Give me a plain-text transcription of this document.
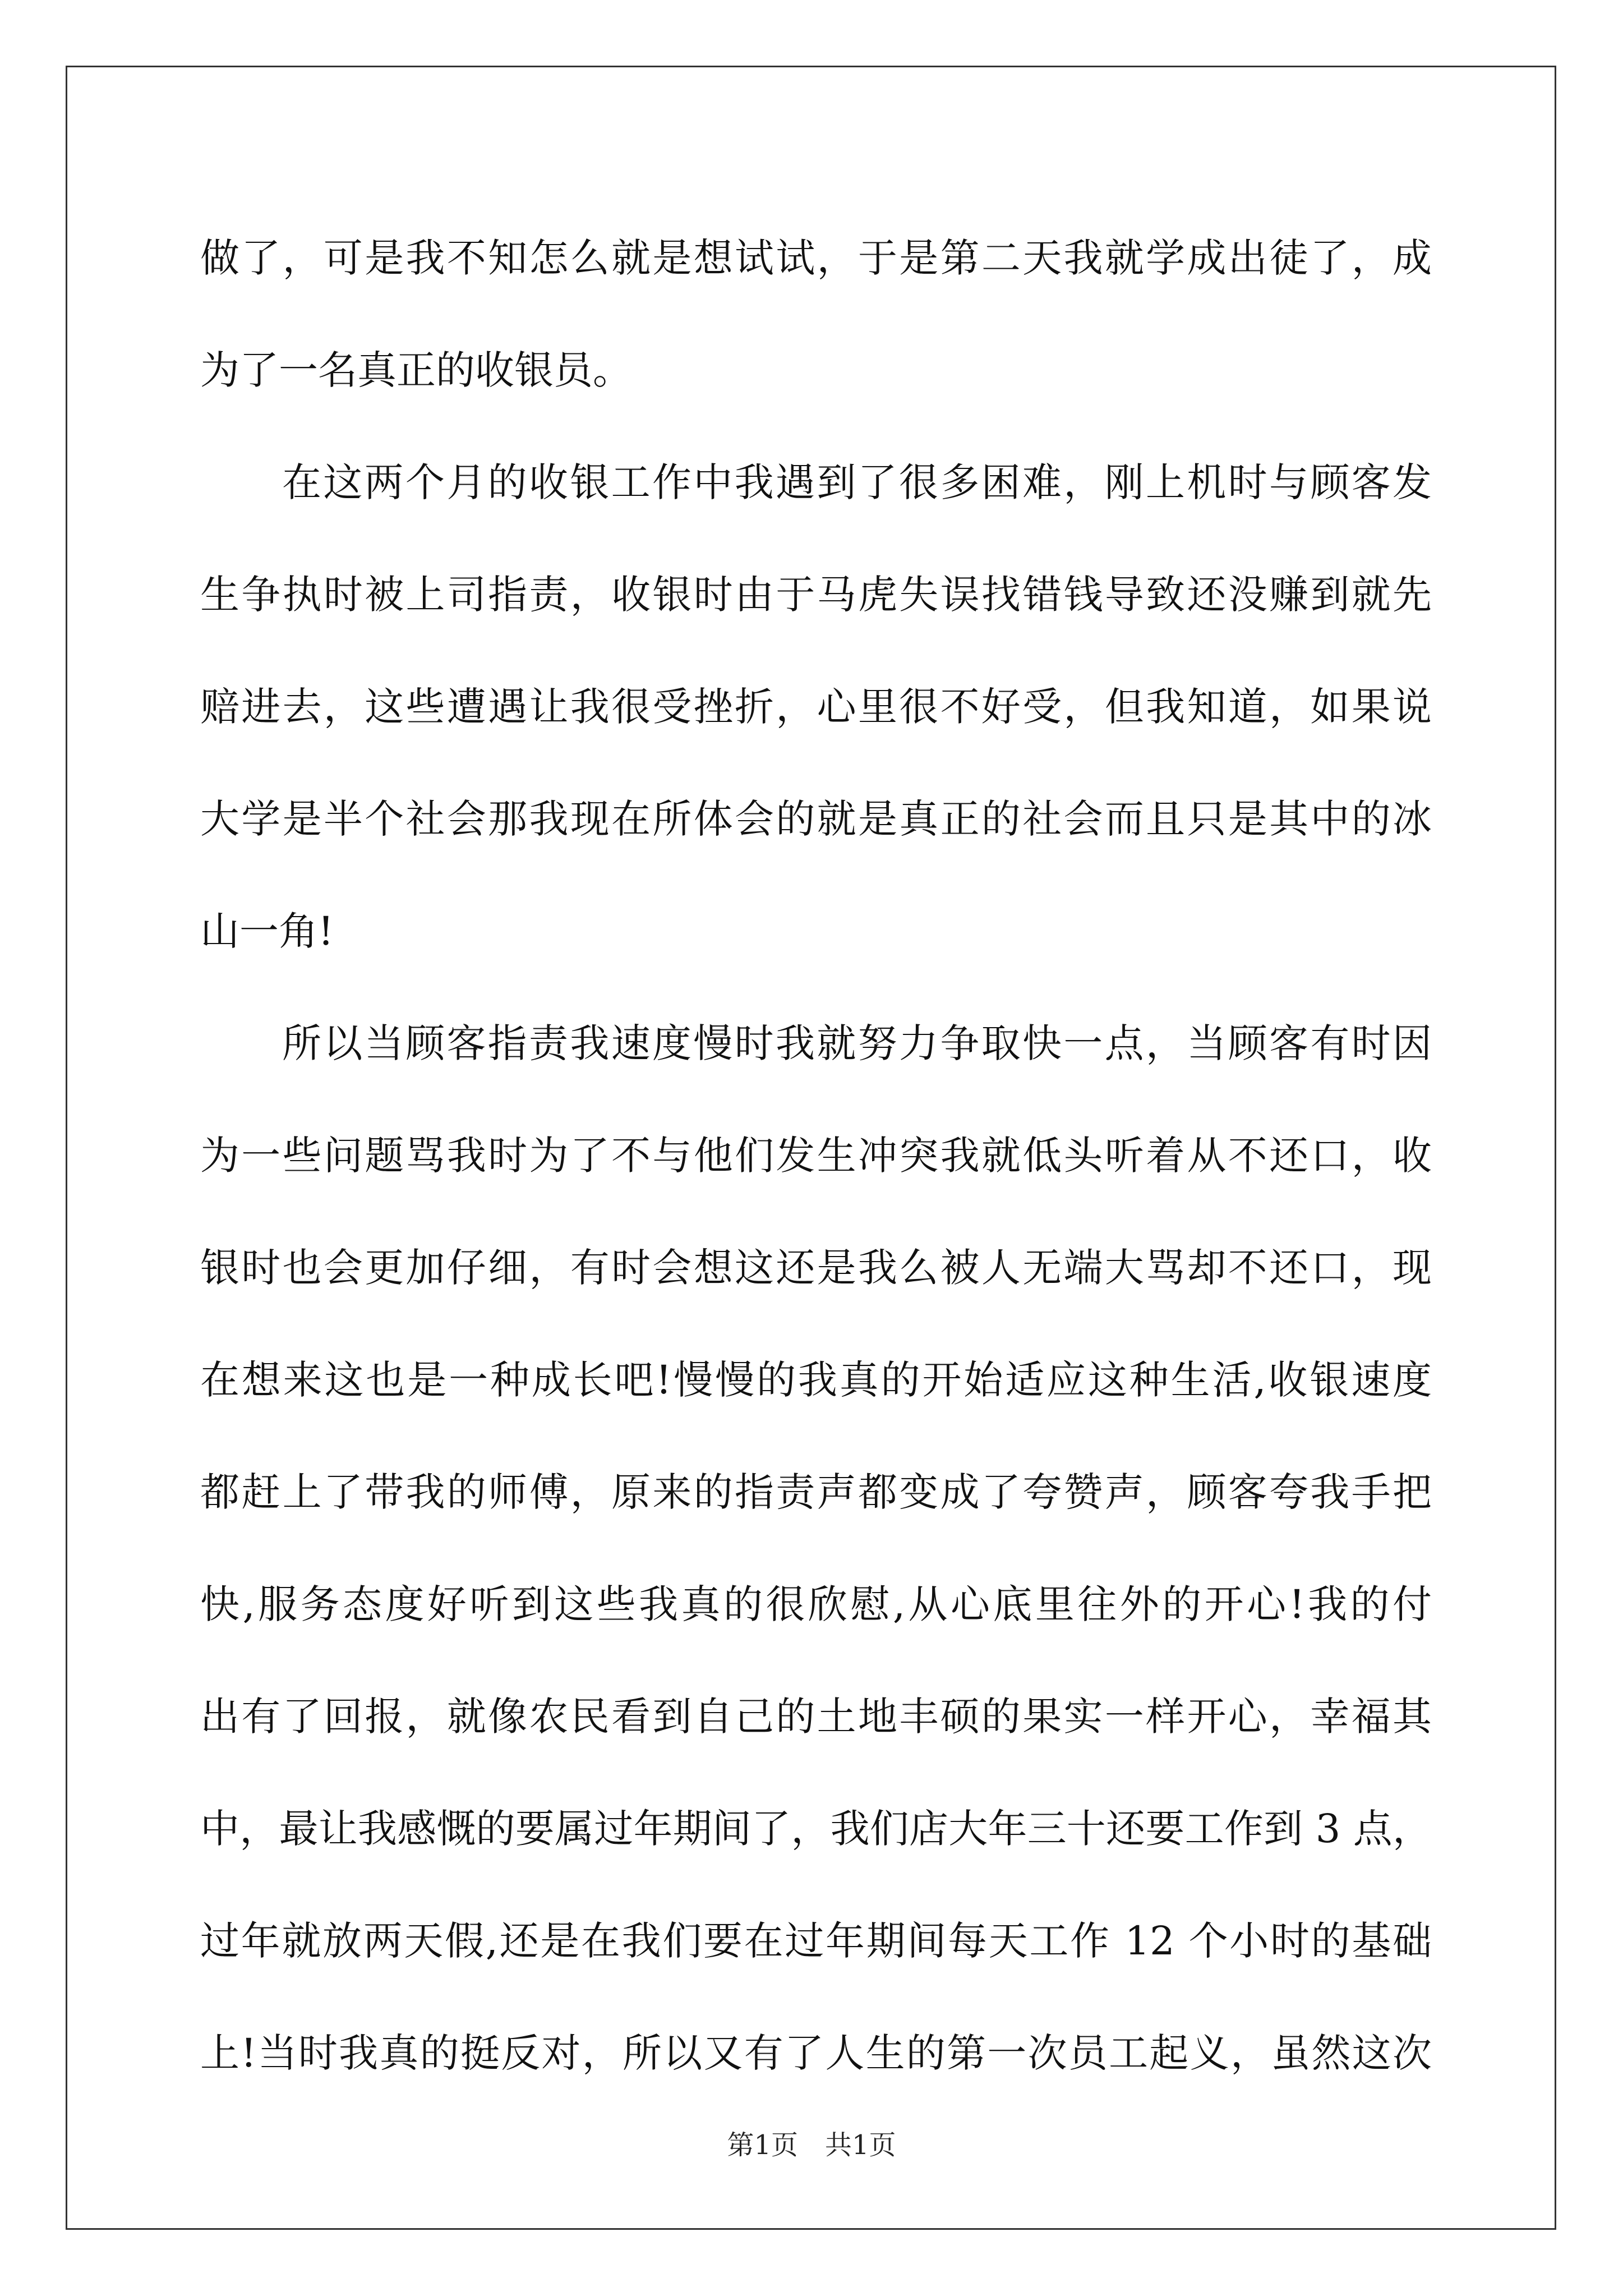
做了，可是我不知怎么就是想试试，于是第二天我就学成出徒了，成
为了一名真正的收银员。
在这两个月的收银工作中我遇到了很多困难，刚上机时与顾客发
生争执时被上司指责，收银时由于马虎失误找错钱导致还没赚到就先
赔进去，这些遭遇让我很受挫折，心里很不好受，但我知道，如果说
大学是半个社会那我现在所体会的就是真正的社会而且只是其中的冰
山一角!
所以当顾客指责我速度慢时我就努力争取快一点，当顾客有时因
为一些问题骂我时为了不与他们发生冲突我就低头听着从不还口，收
银时也会更加仔细，有时会想这还是我么被人无端大骂却不还口，现
在想来这也是一种成长吧!慢慢的我真的开始适应这种生活,收银速度
都赶上了带我的师傅，原来的指责声都变成了夸赞声，顾客夸我手把
快,服务态度好听到这些我真的很欣慰,从心底里往外的开心!我的付
出有了回报，就像农民看到自己的土地丰硕的果实一样开心，幸福其
中，最让我感慨的要属过年期间了，我们店大年三十还要工作到 3 点，
过年就放两天假,还是在我们要在过年期间每天工作 12 个小时的基础
上!当时我真的挺反对，所以又有了人生的第一次员工起义，虽然这次
第1页　共1页
